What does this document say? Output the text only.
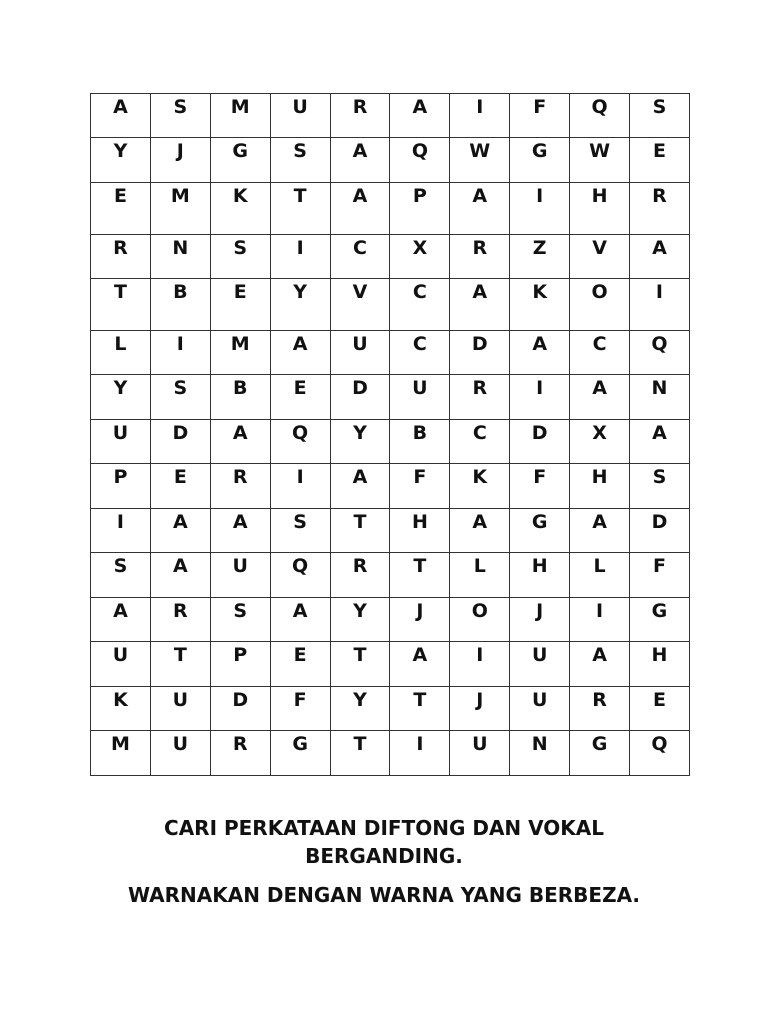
A	S	M	U	R	A	I	F	Q	S
Y	J	G	S	A	Q	W	G	W	E
E	M	K	T	A	P	A	I	H	R
R	N	S	I	C	X	R	Z	V	A
T	B	E	Y	V	C	A	K	O	I
L	I	M	A	U	C	D	A	C	Q
Y	S	B	E	D	U	R	I	A	N
U	D	A	Q	Y	B	C	D	X	A
P	E	R	I	A	F	K	F	H	S
I	A	A	S	T	H	A	G	A	D
S	A	U	Q	R	T	L	H	L	F
A	R	S	A	Y	J	O	J	I	G
U	T	P	E	T	A	I	U	A	H
K	U	D	F	Y	T	J	U	R	E
M	U	R	G	T	I	U	N	G	Q
CARI PERKATAAN DIFTONG DAN VOKAL
BERGANDING.
WARNAKAN DENGAN WARNA YANG BERBEZA.
